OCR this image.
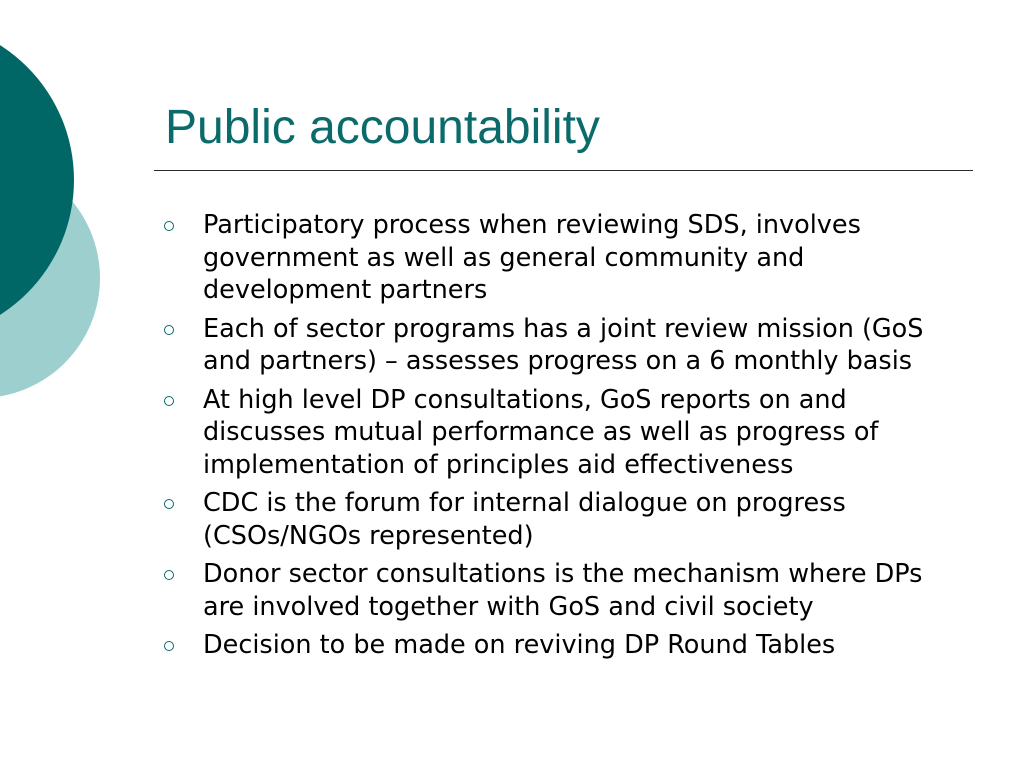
Public accountability
Participatory process when reviewing SDS, involves government as well as general community and development partners
Each of sector programs has a joint review mission (GoS and partners) – assesses progress on a 6 monthly basis
At high level DP consultations, GoS reports on and discusses mutual performance as well as progress of implementation of principles aid effectiveness
CDC is the forum for internal dialogue on progress (CSOs/NGOs represented)
Donor sector consultations is the mechanism where DPs are involved together with GoS and civil society
Decision to be made on reviving DP Round Tables
